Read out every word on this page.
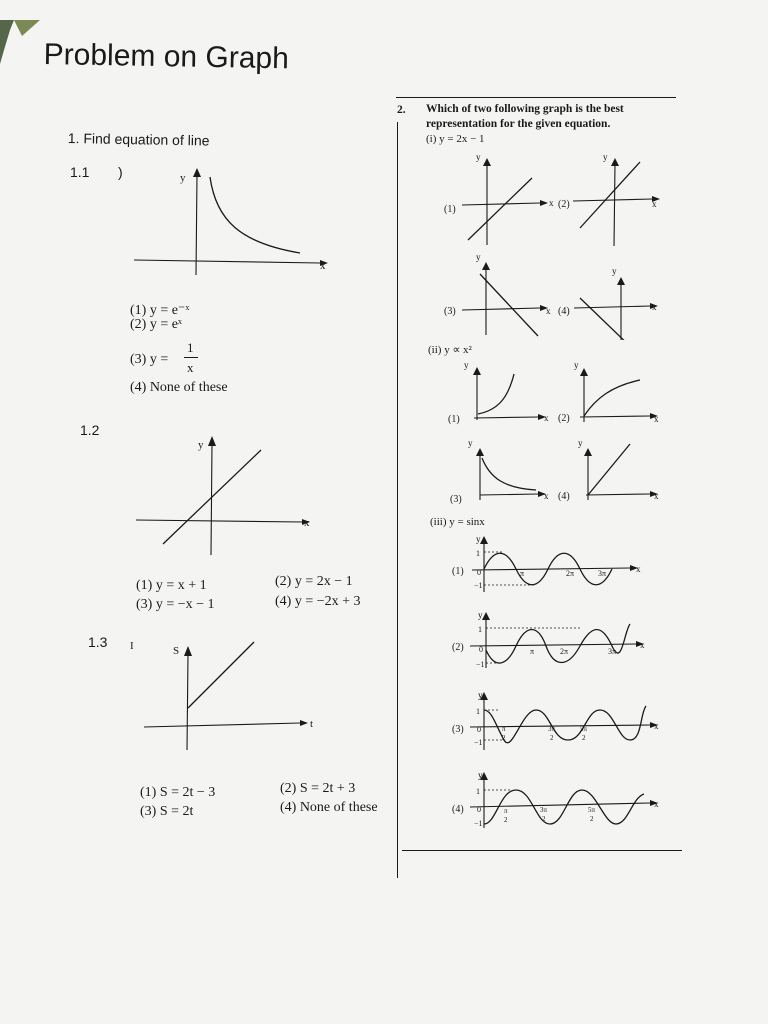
Problem on Graph
1. Find equation of line
1.1 )	y
x
(1) y = e⁻ˣ
(2) y = eˣ
(3) y =
1
x
(4) None of these
1.2
y
x
(1) y = x + 1	(2) y = 2x − 1
(3) y = −x − 1	(4) y = −2x + 3
1.3 I	S
t
(1) S = 2t − 3	(2) S = 2t + 3
(3) S = 2t	(4) None of these
2. Which of two following graph is the best
representation for the given equation.
(i) y = 2x − 1
(1)
x (2)
y
x
y
(3)
y
x (4)
y
x
(ii) y ∝ x²
(1)
y
x (2)
y
x
(3)
y
x (4)
y
x
(iii) y = sinx
(1)
y
1
0
−1
π	2π	3π	x
(2)
y
1
0
−1
π	2π	3π
x
(3)
y
1
0
−1
π
2
3π
2
5π
2
x
(4)
y
1
0
−1
π
2
3π
2
5π
2
x
